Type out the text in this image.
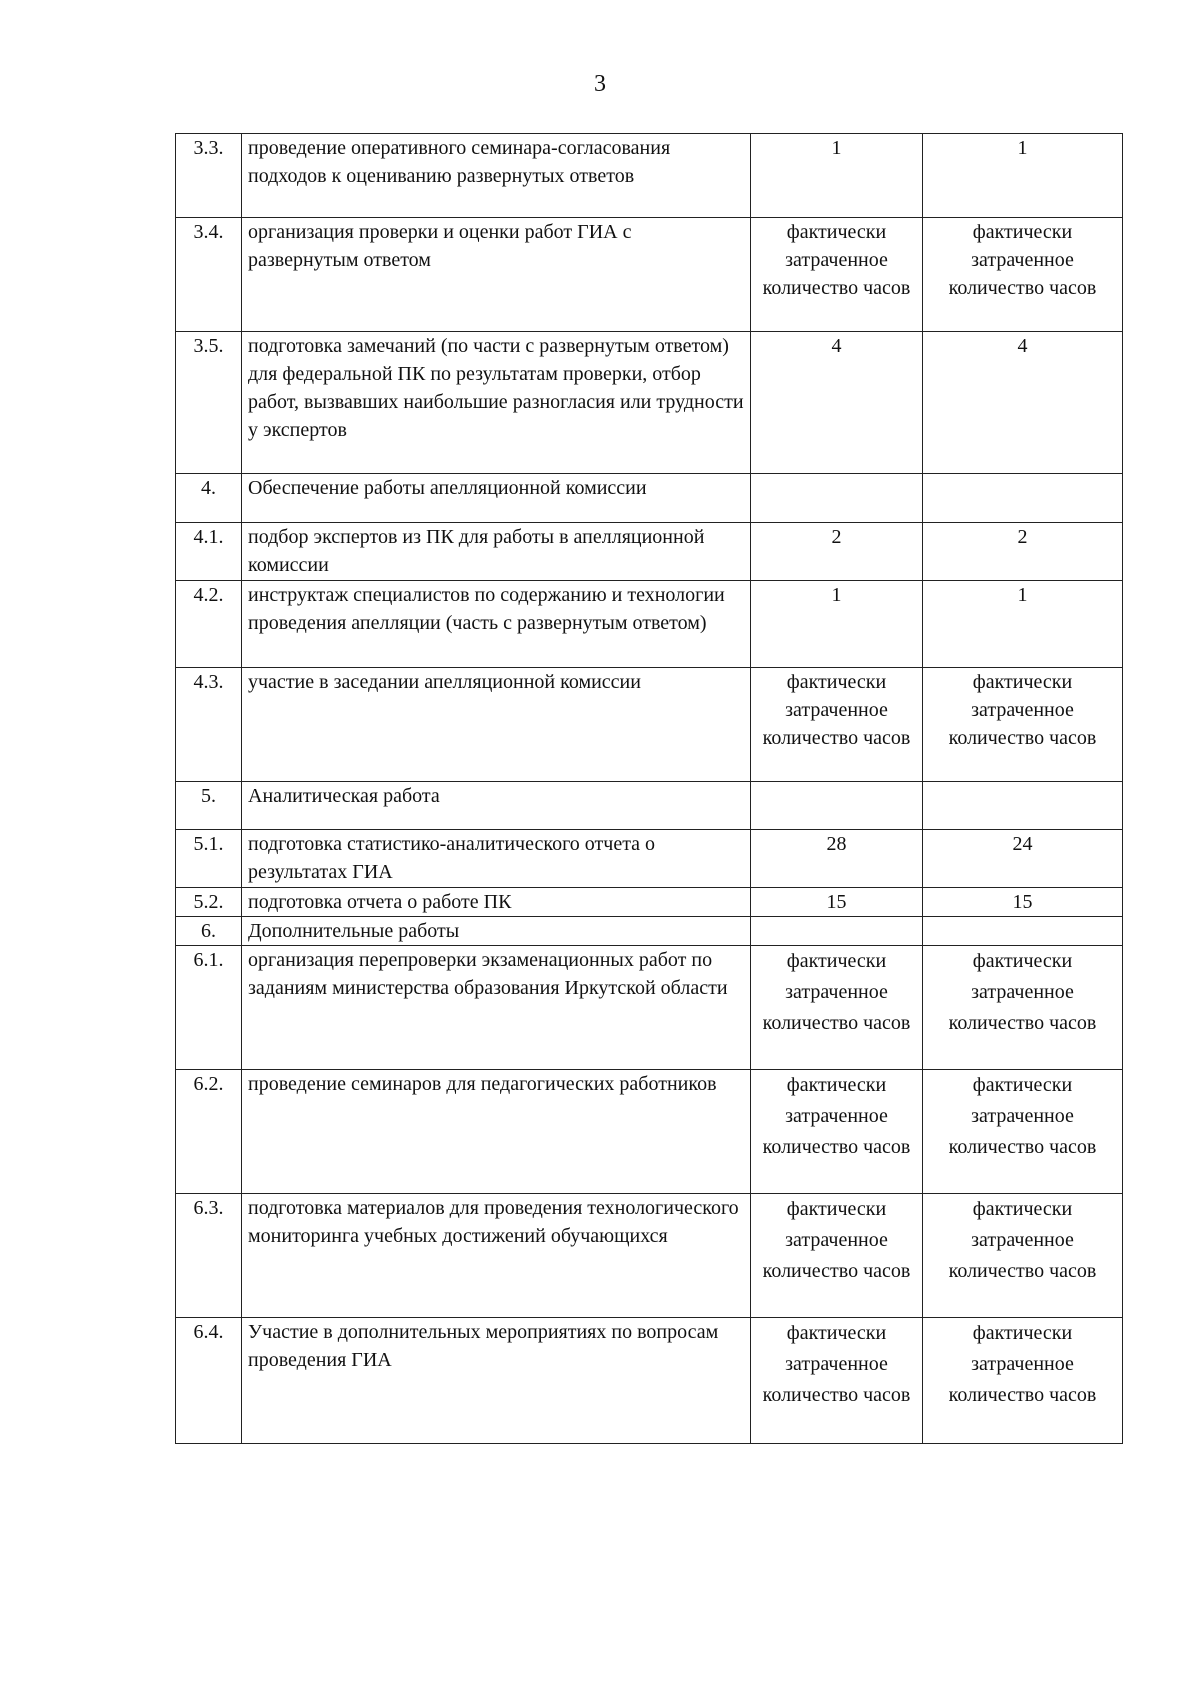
3
3.3.	проведение оперативного семинара-согласования подходов к оцениванию развернутых ответов	1	1
3.4.	организация проверки и оценки работ ГИА с развернутым ответом	фактически затраченное количество часов	фактически затраченное количество часов
3.5.	подготовка замечаний (по части с развернутым ответом) для федеральной ПК по результатам проверки, отбор работ, вызвавших наибольшие разногласия или трудности у экспертов	4	4
4.	Обеспечение работы апелляционной комиссии		
4.1.	подбор экспертов из ПК для работы в апелляционной комиссии	2	2
4.2.	инструктаж специалистов по содержанию и технологии проведения апелляции (часть с развернутым ответом)	1	1
4.3.	участие в заседании апелляционной комиссии	фактически затраченное количество часов	фактически затраченное количество часов
5.	Аналитическая работа		
5.1.	подготовка статистико-аналитического отчета о результатах ГИА	28	24
5.2.	подготовка отчета о работе ПК	15	15
6.	Дополнительные работы		
6.1.	организация перепроверки экзаменационных работ по заданиям министерства образования Иркутской области	фактически затраченное количество часов	фактически затраченное количество часов
6.2.	проведение семинаров для педагогических работников	фактически затраченное количество часов	фактически затраченное количество часов
6.3.	подготовка материалов для проведения технологического мониторинга учебных достижений обучающихся	фактически затраченное количество часов	фактически затраченное количество часов
6.4.	Участие в дополнительных мероприятиях по вопросам проведения ГИА	фактически затраченное количество часов	фактически затраченное количество часов
